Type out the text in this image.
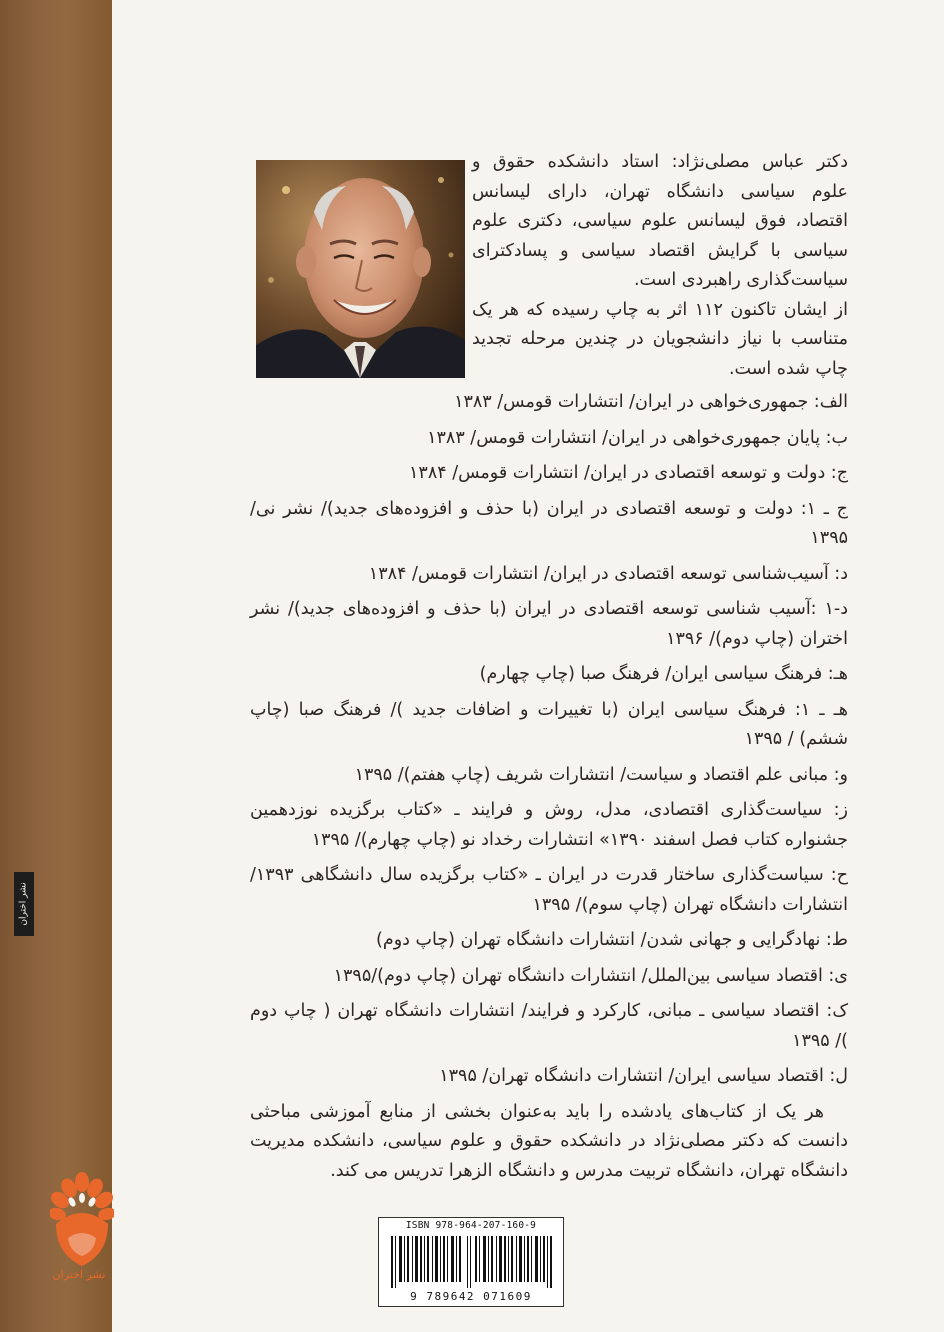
نشر اختران

دکتر عباس مصلی‌نژاد: استاد دانشکده حقوق و علوم سیاسی دانشگاه تهران، دارای لیسانس اقتصاد، فوق لیسانس علوم سیاسی، دکتری علوم سیاسی با گرایش اقتصاد سیاسی و پسادکترای سیاست‌گذاری راهبردی است.

از ایشان تاکنون ۱۱۲ اثر به چاپ رسیده که هر یک متناسب با نیاز دانشجویان در چندین مرحله تجدید چاپ شده است.

الف: جمهوری‌خواهی در ایران/ انتشارات قومس/ ۱۳۸۳

ب: پایان جمهوری‌خواهی در ایران/ انتشارات قومس/ ۱۳۸۳

ج: دولت و توسعه اقتصادی در ایران/ انتشارات قومس/ ۱۳۸۴

ج ـ ۱: دولت و توسعه اقتصادی در ایران (با حذف و افزوده‌های جدید)/ نشر نی/ ۱۳۹۵

د: آسیب‌شناسی توسعه اقتصادی در ایران/ انتشارات قومس/ ۱۳۸۴

د-۱ :آسیب شناسی توسعه اقتصادی در ایران (با حذف و افزوده‌های جدید)/ نشر اختران (چاپ دوم)/ ۱۳۹۶

هـ: فرهنگ سیاسی ایران/ فرهنگ صبا (چاپ چهارم)

هـ ـ ۱: فرهنگ سیاسی ایران (با تغییرات و اضافات جدید )/ فرهنگ صبا (چاپ ششم) / ۱۳۹۵

و: مبانی علم اقتصاد و سیاست/ انتشارات شریف (چاپ هفتم)/ ۱۳۹۵

ز: سیاست‌گذاری اقتصادی، مدل، روش و فرایند ـ «کتاب برگزیده نوزدهمین جشنواره کتاب فصل اسفند ۱۳۹۰» انتشارات رخداد نو (چاپ چهارم)/ ۱۳۹۵

ح: سیاست‌گذاری ساختار قدرت در ایران ـ «کتاب برگزیده سال دانشگاهی ۱۳۹۳/ انتشارات دانشگاه تهران (چاپ سوم)/ ۱۳۹۵

ط: نهادگرایی و جهانی شدن/ انتشارات دانشگاه تهران (چاپ دوم)

ی: اقتصاد سیاسی بین‌الملل/ انتشارات دانشگاه تهران (چاپ دوم)/۱۳۹۵

ک: اقتصاد سیاسی ـ مبانی، کارکرد و فرایند/ انتشارات دانشگاه تهران ( چاپ دوم )/ ۱۳۹۵

ل: اقتصاد سیاسی ایران/ انتشارات دانشگاه تهران/ ۱۳۹۵

هر یک از کتاب‌های یادشده را باید به‌عنوان بخشی از منابع آموزشی مباحثی دانست که دکتر مصلی‌نژاد در دانشکده حقوق و علوم سیاسی، دانشکده مدیریت دانشگاه تهران، دانشگاه تربیت مدرس و دانشگاه الزهرا تدریس می کند.

ISBN 978-964-207-160-9
9 789642 071609
نشر اختران
